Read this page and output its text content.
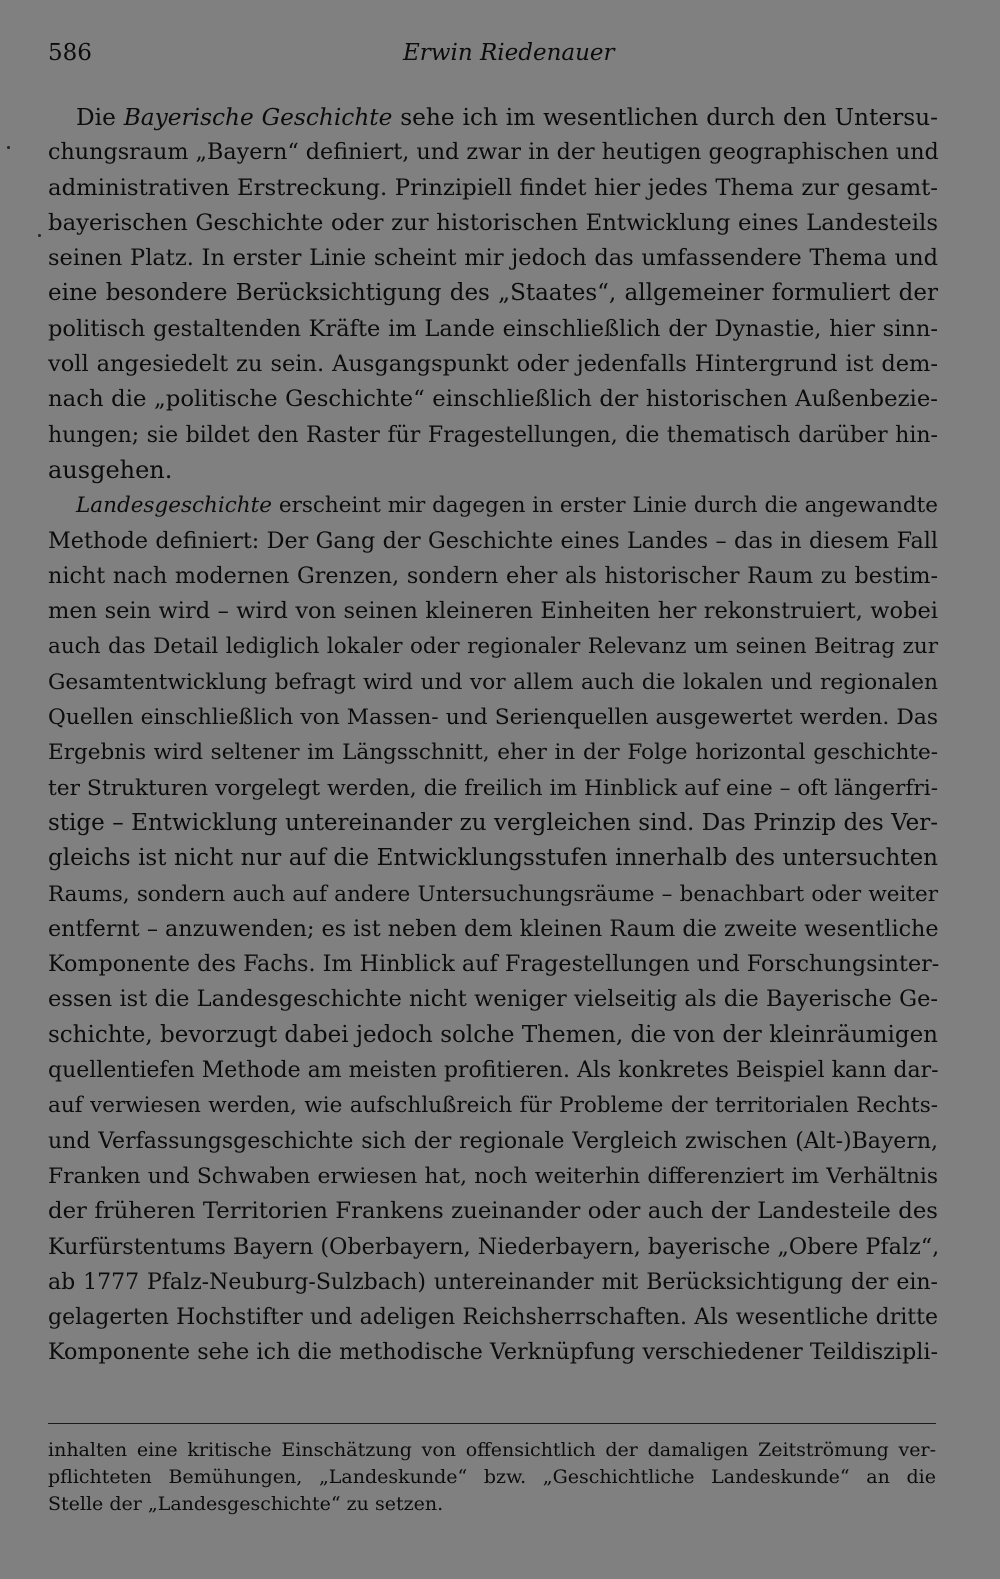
586	Erwin Riedenauer
Die Bayerische Geschichte sehe ich im wesentlichen durch den Untersu-
chungsraum „Bayern“ definiert, und zwar in der heutigen geographischen und
administrativen Erstreckung. Prinzipiell findet hier jedes Thema zur gesamt-
bayerischen Geschichte oder zur historischen Entwicklung eines Landesteils
seinen Platz. In erster Linie scheint mir jedoch das umfassendere Thema und
eine besondere Berücksichtigung des „Staates“, allgemeiner formuliert der
politisch gestaltenden Kräfte im Lande einschließlich der Dynastie, hier sinn-
voll angesiedelt zu sein. Ausgangspunkt oder jedenfalls Hintergrund ist dem-
nach die „politische Geschichte“ einschließlich der historischen Außenbezie-
hungen; sie bildet den Raster für Fragestellungen, die thematisch darüber hin-
ausgehen.
Landesgeschichte erscheint mir dagegen in erster Linie durch die angewandte
Methode definiert: Der Gang der Geschichte eines Landes – das in diesem Fall
nicht nach modernen Grenzen, sondern eher als historischer Raum zu bestim-
men sein wird – wird von seinen kleineren Einheiten her rekonstruiert, wobei
auch das Detail lediglich lokaler oder regionaler Relevanz um seinen Beitrag zur
Gesamtentwicklung befragt wird und vor allem auch die lokalen und regionalen
Quellen einschließlich von Massen- und Serienquellen ausgewertet werden. Das
Ergebnis wird seltener im Längsschnitt, eher in der Folge horizontal geschichte-
ter Strukturen vorgelegt werden, die freilich im Hinblick auf eine – oft längerfri-
stige – Entwicklung untereinander zu vergleichen sind. Das Prinzip des Ver-
gleichs ist nicht nur auf die Entwicklungsstufen innerhalb des untersuchten
Raums, sondern auch auf andere Untersuchungsräume – benachbart oder weiter
entfernt – anzuwenden; es ist neben dem kleinen Raum die zweite wesentliche
Komponente des Fachs. Im Hinblick auf Fragestellungen und Forschungsinter-
essen ist die Landesgeschichte nicht weniger vielseitig als die Bayerische Ge-
schichte, bevorzugt dabei jedoch solche Themen, die von der kleinräumigen
quellentiefen Methode am meisten profitieren. Als konkretes Beispiel kann dar-
auf verwiesen werden, wie aufschlußreich für Probleme der territorialen Rechts-
und Verfassungsgeschichte sich der regionale Vergleich zwischen (Alt-)Bayern,
Franken und Schwaben erwiesen hat, noch weiterhin differenziert im Verhältnis
der früheren Territorien Frankens zueinander oder auch der Landesteile des
Kurfürstentums Bayern (Oberbayern, Niederbayern, bayerische „Obere Pfalz“,
ab 1777 Pfalz-Neuburg-Sulzbach) untereinander mit Berücksichtigung der ein-
gelagerten Hochstifter und adeligen Reichsherrschaften. Als wesentliche dritte
Komponente sehe ich die methodische Verknüpfung verschiedener Teildiszipli-
inhalten eine kritische Einschätzung von offensichtlich der damaligen Zeitströmung ver-
pflichteten Bemühungen, „Landeskunde“ bzw. „Geschichtliche Landeskunde“ an die
Stelle der „Landesgeschichte“ zu setzen.
